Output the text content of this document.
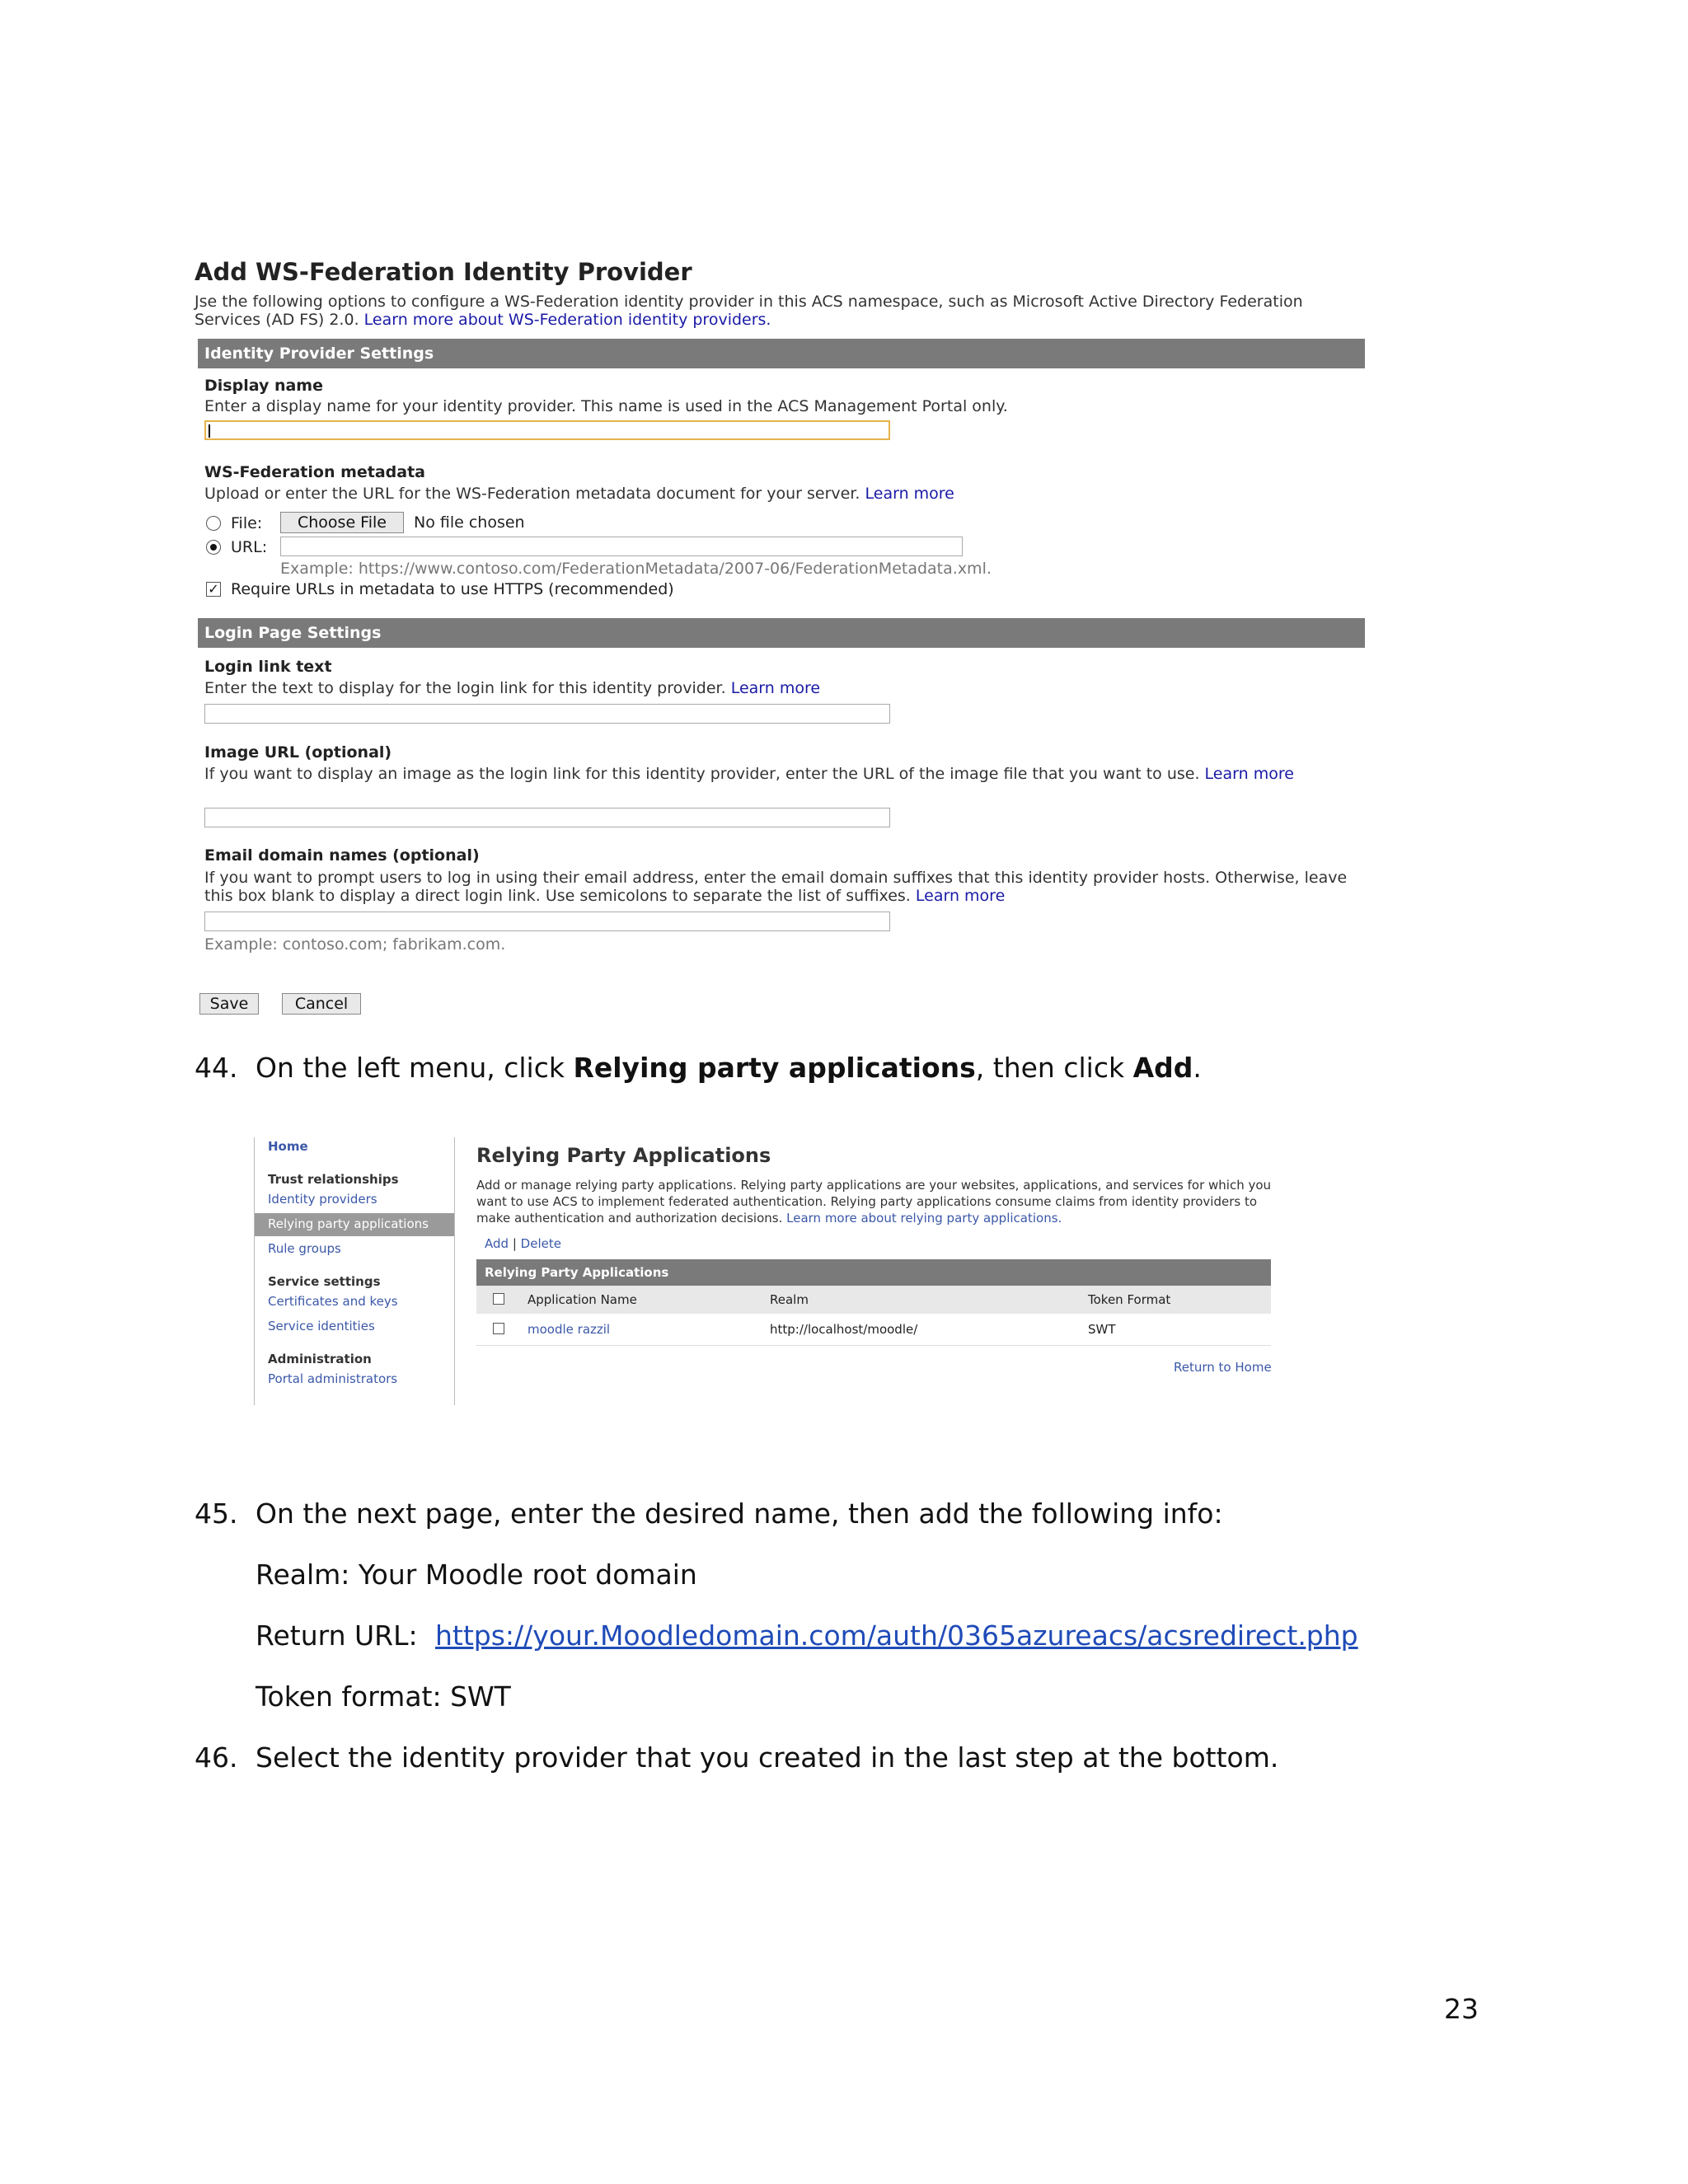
Add WS-Federation Identity Provider
Jse the following options to configure a WS-Federation identity provider in this ACS namespace, such as Microsoft Active Directory Federation Services (AD FS) 2.0. Learn more about WS-Federation identity providers.
Identity Provider Settings
Display name
Enter a display name for your identity provider. This name is used in the ACS Management Portal only.
WS-Federation metadata
Upload or enter the URL for the WS-Federation metadata document for your server. Learn more
File:	Choose File	No file chosen
URL:
Example: https://www.contoso.com/FederationMetadata/2007-06/FederationMetadata.xml.
✓ Require URLs in metadata to use HTTPS (recommended)
Login Page Settings
Login link text
Enter the text to display for the login link for this identity provider. Learn more
Image URL (optional)
If you want to display an image as the login link for this identity provider, enter the URL of the image file that you want to use. Learn more
Email domain names (optional)
If you want to prompt users to log in using their email address, enter the email domain suffixes that this identity provider hosts. Otherwise, leave this box blank to display a direct login link. Use semicolons to separate the list of suffixes. Learn more
Example: contoso.com; fabrikam.com.
Save	Cancel
44. On the left menu, click Relying party applications, then click Add.
Home
Trust relationships
Identity providers
Relying party applications
Rule groups
Service settings
Certificates and keys
Service identities
Administration
Portal administrators
Relying Party Applications
Add or manage relying party applications. Relying party applications are your websites, applications, and services for which you want to use ACS to implement federated authentication. Relying party applications consume claims from identity providers to make authentication and authorization decisions. Learn more about relying party applications.
Add | Delete
Relying Party Applications
Application Name	Realm	Token Format
moodle razzil	http://localhost/moodle/	SWT
Return to Home
45. On the next page, enter the desired name, then add the following info:
Realm: Your Moodle root domain
Return URL: https://your.Moodledomain.com/auth/0365azureacs/acsredirect.php
Token format: SWT
46. Select the identity provider that you created in the last step at the bottom.
23
